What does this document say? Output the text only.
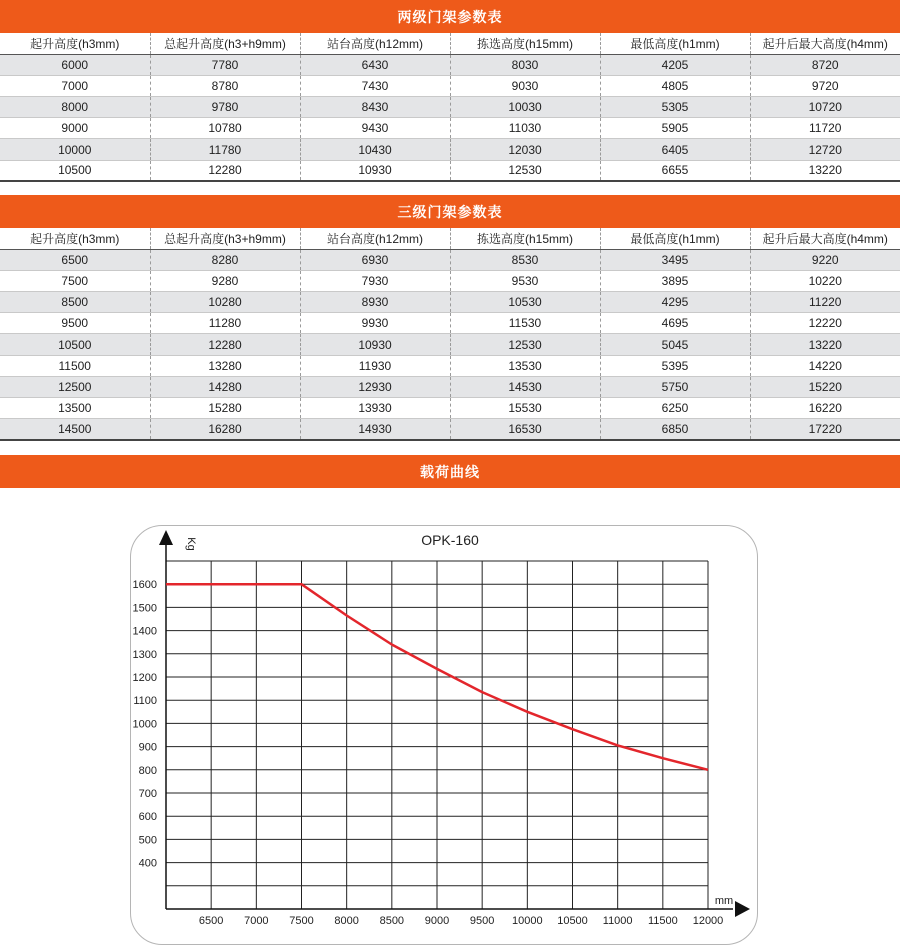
两级门架参数表
起升高度(h3mm)	总起升高度(h3+h9mm)	站台高度(h12mm)	拣选高度(h15mm)	最低高度(h1mm)	起升后最大高度(h4mm)
6000	7780	6430	8030	4205	8720
7000	8780	7430	9030	4805	9720
8000	9780	8430	10030	5305	10720
9000	10780	9430	11030	5905	11720
10000	11780	10430	12030	6405	12720
10500	12280	10930	12530	6655	13220
三级门架参数表
起升高度(h3mm)	总起升高度(h3+h9mm)	站台高度(h12mm)	拣选高度(h15mm)	最低高度(h1mm)	起升后最大高度(h4mm)
6500	8280	6930	8530	3495	9220
7500	9280	7930	9530	3895	10220
8500	10280	8930	10530	4295	11220
9500	11280	9930	11530	4695	12220
10500	12280	10930	12530	5045	13220
11500	13280	11930	13530	5395	14220
12500	14280	12930	14530	5750	15220
13500	15280	13930	15530	6250	16220
14500	16280	14930	16530	6850	17220
载荷曲线
6500 7000 7500 8000 8500 9000 9500 10000 10500 11000 11500 12000
400
500
600
700
800
900
1000
1100
1200
1300
1400
1500
1600
OPK-160
mm
Kg
